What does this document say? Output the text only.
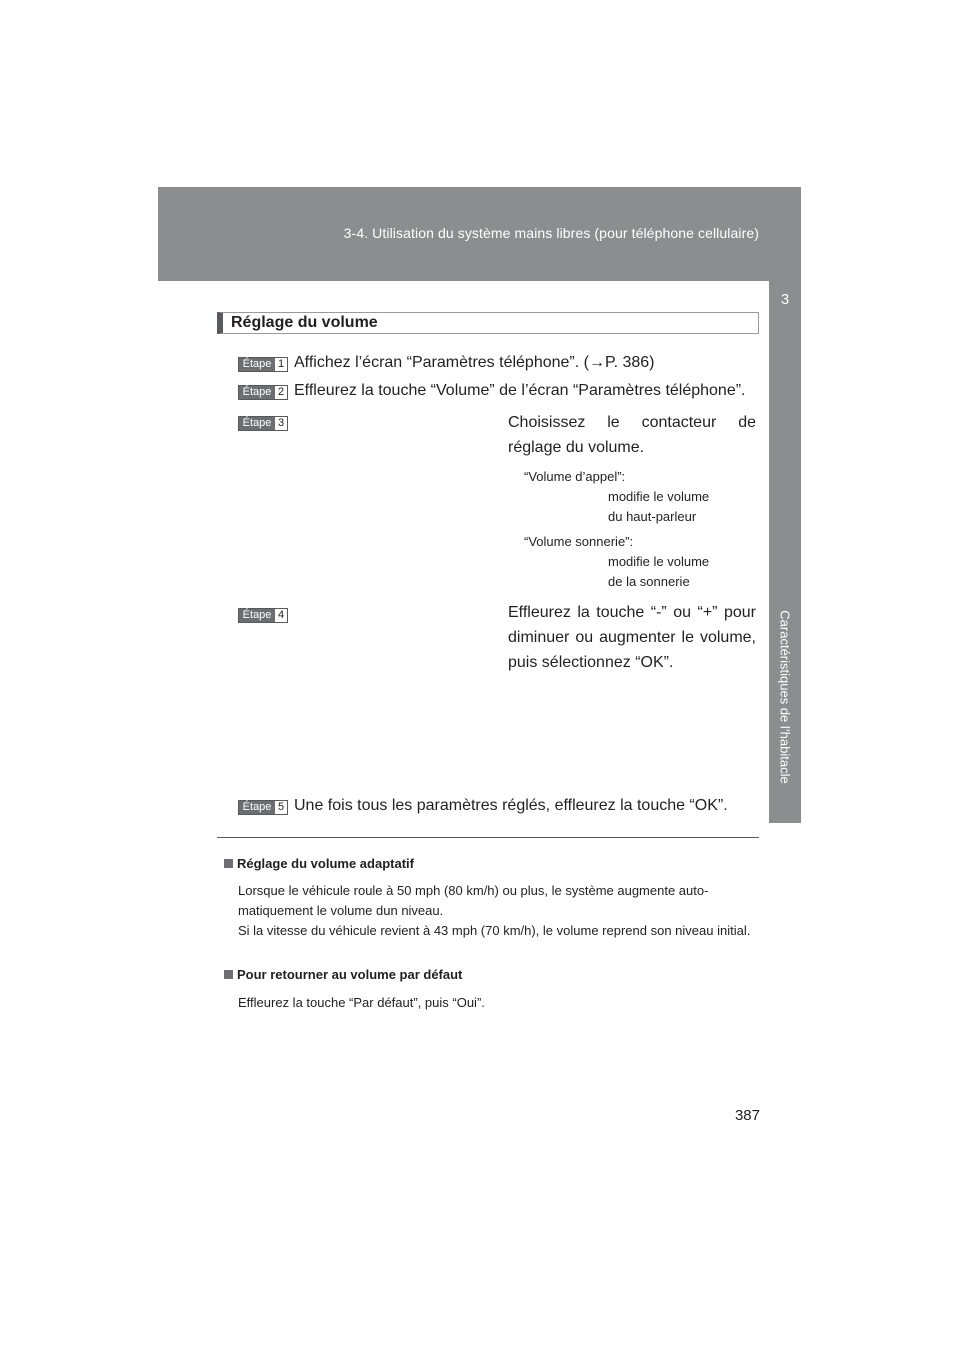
3-4. Utilisation du système mains libres (pour téléphone cellulaire)
3
Caractéristiques de l’habitacle
Réglage du volume
Étape 1 Affichez l’écran “Paramètres téléphone”. (→P. 386)
Étape 2 Effleurez la touche “Volume” de l’écran “Paramètres téléphone”.
Étape 3	Choisissez le contacteur de réglage du volume.
“Volume d’appel”:
modifie le volume
du haut-parleur
“Volume sonnerie”:
modifie le volume
de la sonnerie
Étape 4	Effleurez la touche “-” ou “+” pour diminuer ou augmenter le volume, puis sélectionnez “OK”.
Étape 5 Une fois tous les paramètres réglés, effleurez la touche “OK”.
Réglage du volume adaptatif
Lorsque le véhicule roule à 50 mph (80 km/h) ou plus, le système augmente auto-matiquement le volume dun niveau.
Si la vitesse du véhicule revient à 43 mph (70 km/h), le volume reprend son niveau initial.
Pour retourner au volume par défaut
Effleurez la touche “Par défaut”, puis “Oui”.
387
